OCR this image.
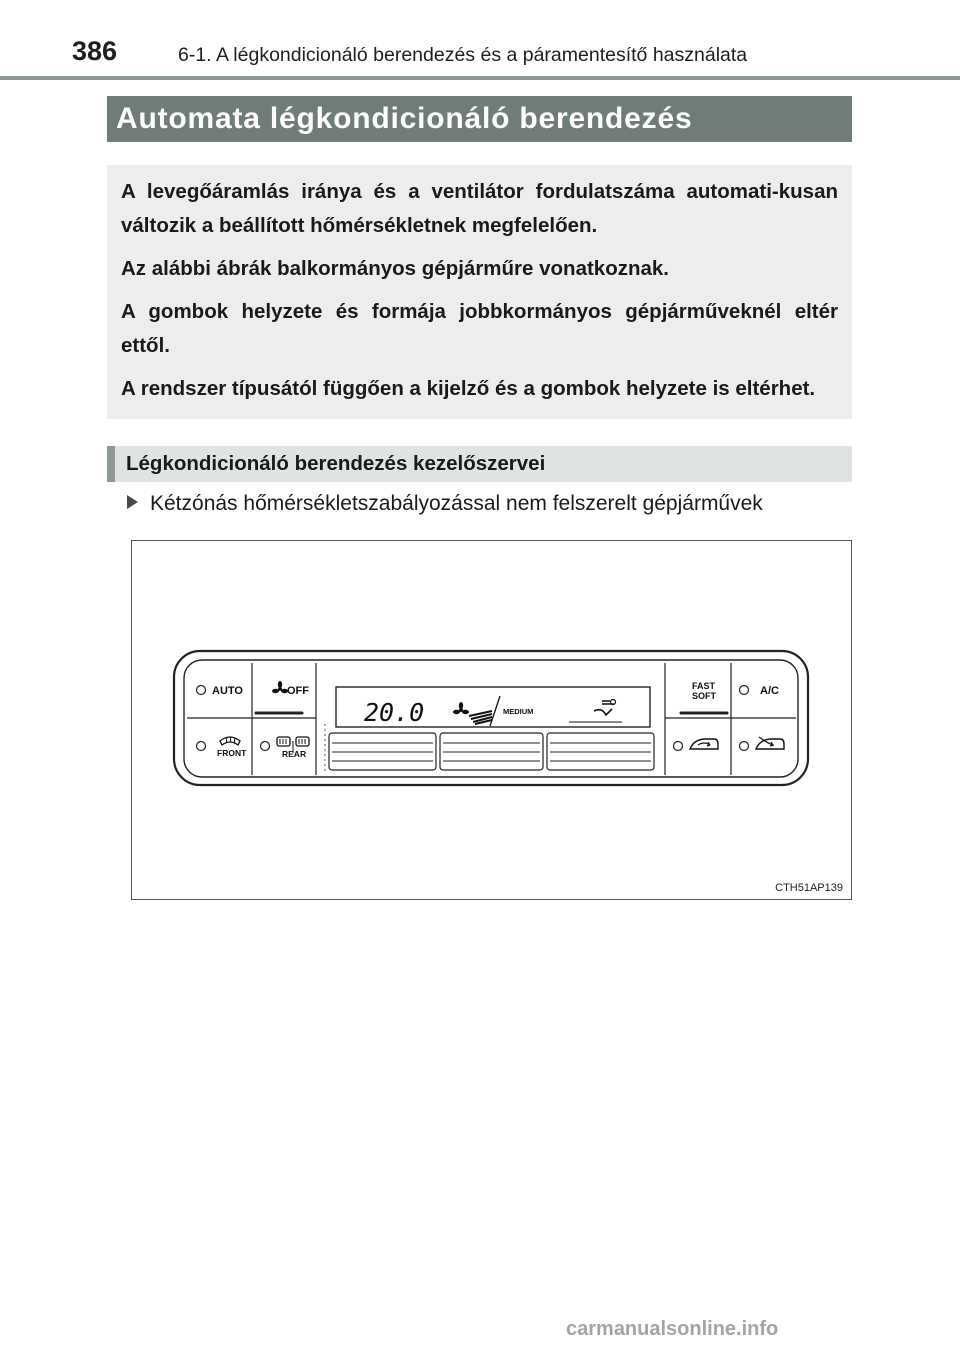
386	6-1. A légkondicionáló berendezés és a páramentesítő használata
Automata légkondicionáló berendezés

A levegőáramlás iránya és a ventilátor fordulatszáma automati-kusan változik a beállított hőmérsékletnek megfelelően.

Az alábbi ábrák balkormányos gépjárműre vonatkoznak.

A gombok helyzete és formája jobbkormányos gépjárműveknél eltér ettől.

A rendszer típusától függően a kijelző és a gombok helyzete is eltérhet.

Légkondicionáló berendezés kezelőszervei
Kétzónás hőmérsékletszabályozással nem felszerelt gépjárművek
AUTO	OFF
FRONT	REAR
20.0	MEDIUM
FAST
SOFT	A/C
CTH51AP139
carmanualsonline.info
